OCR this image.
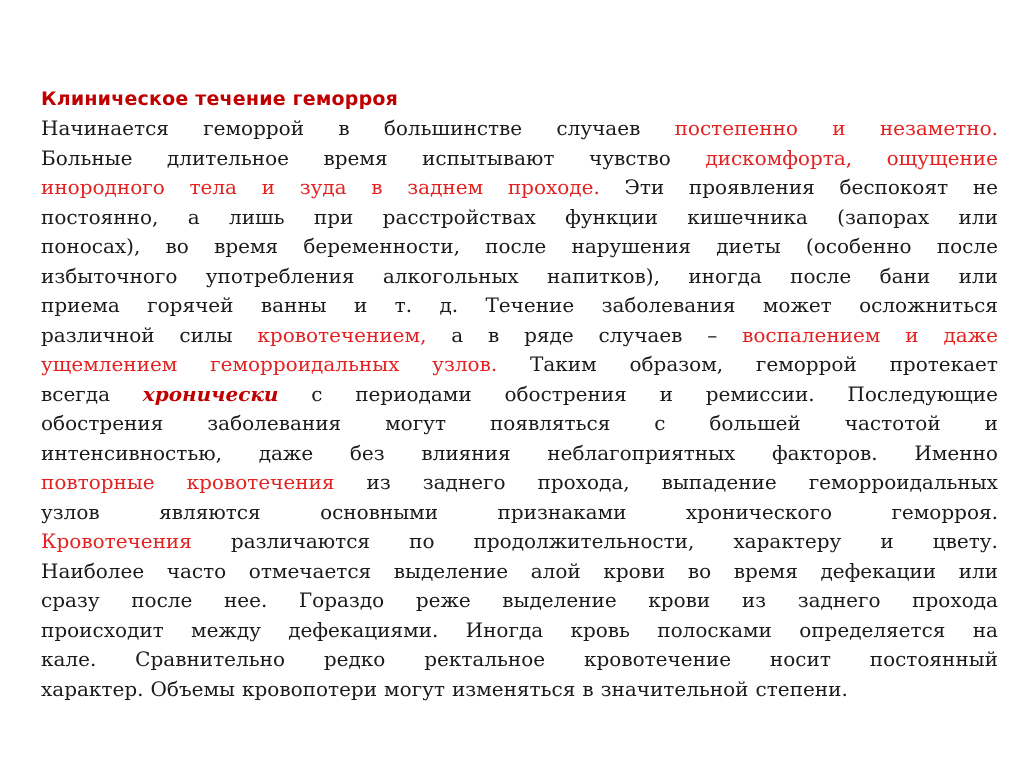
Клиническое течение геморроя
Начинается геморрой в большинстве случаев постепенно и незаметно.
Больные длительное время испытывают чувство дискомфорта, ощущение
инородного тела и зуда в заднем проходе. Эти проявления беспокоят не
постоянно, а лишь при расстройствах функции кишечника (запорах или
поносах), во время беременности, после нарушения диеты (особенно после
избыточного употребления алкогольных напитков), иногда после бани или
приема горячей ванны и т. д. Течение заболевания может осложниться
различной силы кровотечением, а в ряде случаев – воспалением и даже
ущемлением геморроидальных узлов. Таким образом, геморрой протекает
всегда хронически с периодами обострения и ремиссии. Последующие
обострения заболевания могут появляться с большей частотой и
интенсивностью, даже без влияния неблагоприятных факторов. Именно
повторные кровотечения из заднего прохода, выпадение геморроидальных
узлов	являются	основными	признаками	хронического	геморроя.
Кровотечения различаются по продолжительности, характеру и цвету.
Наиболее часто отмечается выделение алой крови во время дефекации или
сразу после нее. Гораздо реже выделение крови из заднего прохода
происходит между дефекациями. Иногда кровь полосками определяется на
кале. Сравнительно редко ректальное кровотечение носит постоянный
характер. Объемы кровопотери могут изменяться в значительной степени.
